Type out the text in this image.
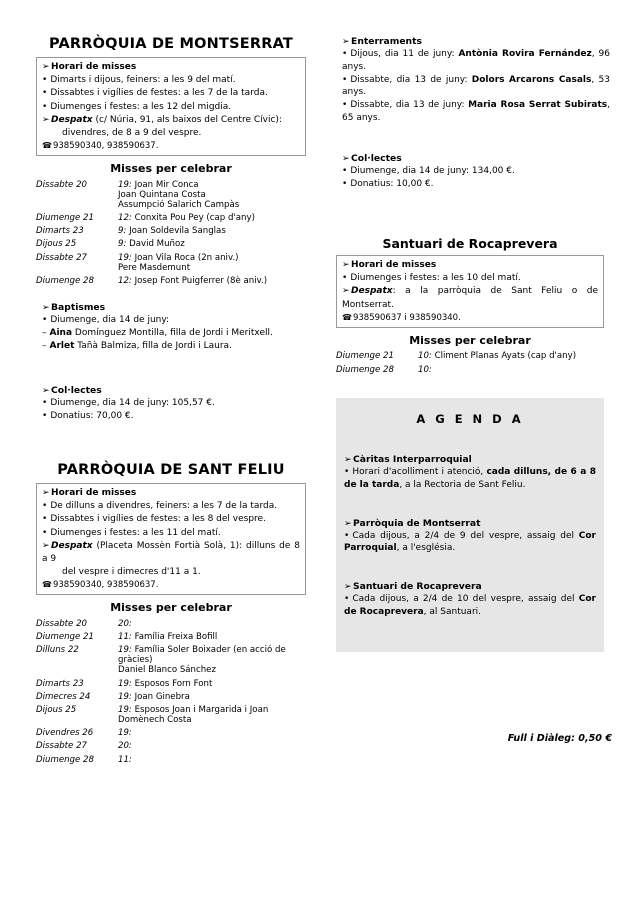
PARRÒQUIA DE MONTSERRAT

➢ Horari de misses

• Dimarts i dijous, feiners: a les 9 del matí.

• Dissabtes i vigílies de festes: a les 7 de la tarda.

• Diumenges i festes: a les 12 del migdia.

➢ Despatx (c/ Núria, 91, als baixos del Centre Cívic):
divendres, de 8 a 9 del vespre.

☎938590340, 938590637.

Misses per celebrar
Dissabte 20	19: Joan Mir Conca
Joan Quintana Costa
Assumpció Salarich Campàs

Diumenge 21	12: Conxita Pou Pey (cap d'any)
Dimarts 23	9: Joan Soldevila Sanglas
Dijous 25	9: David Muñoz
Dissabte 27	19: Joan Vila Roca (2n aniv.)
Pere Masdemunt

Diumenge 28	12: Josep Font Puigferrer (8è aniv.)
➢ Baptismes

• Diumenge, dia 14 de juny:

– Aina Domínguez Montilla, filla de Jordi i Meritxell.

– Arlet Tañà Balmiza, filla de Jordi i Laura.

➢ Col·lectes

• Diumenge, dia 14 de juny: 105,57 €.

• Donatius: 70,00 €.

PARRÒQUIA DE SANT FELIU

➢ Horari de misses

• De dilluns a divendres, feiners: a les 7 de la tarda.

• Dissabtes i vigílies de festes: a les 8 del vespre.

• Diumenges i festes: a les 11 del matí.

➢ Despatx (Placeta Mossèn Fortià Solà, 1): dilluns de 8 a 9
del vespre i dimecres d'11 a 1.

☎938590340, 938590637.

Misses per celebrar
Dissabte 20	20:
Diumenge 21	11: Família Freixa Bofill
Dilluns 22	19: Família Soler Boixader (en acció de gràcies)
Daniel Blanco Sánchez

Dimarts 23	19: Esposos Forn Font
Dimecres 24	19: Joan Ginebra
Dijous 25	19: Esposos Joan i Margarida i Joan Domènech Costa
Divendres 26	19:
Dissabte 27	20:
Diumenge 28	11:
➢ Enterraments

• Dijous, dia 11 de juny: Antònia Rovira Fernández, 96 anys.

• Dissabte, dia 13 de juny: Dolors Arcarons Casals, 53 anys.

• Dissabte, dia 13 de juny: Maria Rosa Serrat Subirats, 65 anys.

➢ Col·lectes

• Diumenge, dia 14 de juny: 134,00 €.

• Donatius: 10,00 €.

Santuari de Rocaprevera

➢ Horari de misses

• Diumenges i festes: a les 10 del matí.

➢ Despatx: a la parròquia de Sant Feliu o de Montserrat.

☎938590637 i 938590340.

Misses per celebrar
Diumenge 21	10: Climent Planas Ayats (cap d'any)
Diumenge 28	10:
A G E N D A
➢ Càritas Interparroquial

• Horari d'acolliment i atenció, cada dilluns, de 6 a 8 de la tarda, a la Rectoria de Sant Feliu.

➢ Parròquia de Montserrat

• Cada dijous, a 2/4 de 9 del vespre, assaig del Cor Parroquial, a l'església.

➢ Santuari de Rocaprevera

• Cada dijous, a 2/4 de 10 del vespre, assaig del Cor de Rocaprevera, al Santuari.

Full i Diàleg: 0,50 €
